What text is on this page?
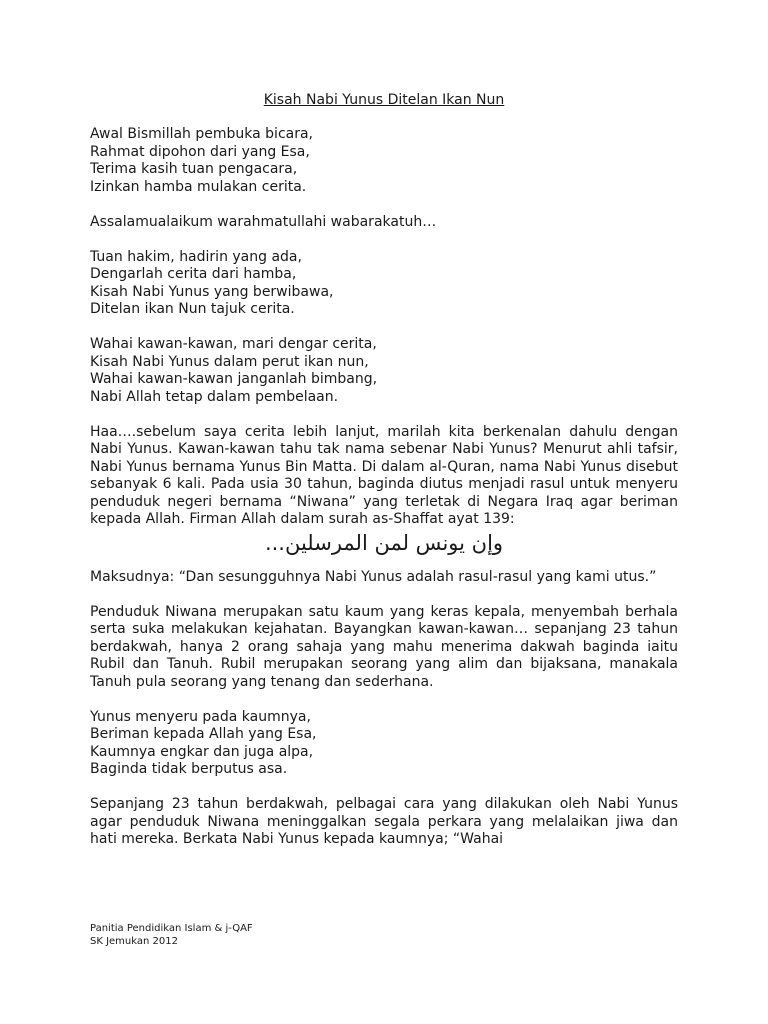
Kisah Nabi Yunus Ditelan Ikan Nun
Awal Bismillah pembuka bicara,
Rahmat dipohon dari yang Esa,
Terima kasih tuan pengacara,
Izinkan hamba mulakan cerita.
Assalamualaikum warahmatullahi wabarakatuh…
Tuan hakim, hadirin yang ada,
Dengarlah cerita dari hamba,
Kisah Nabi Yunus yang berwibawa,
Ditelan ikan Nun tajuk cerita.
Wahai kawan-kawan, mari dengar cerita,
Kisah Nabi Yunus dalam perut ikan nun,
Wahai kawan-kawan janganlah bimbang,
Nabi Allah tetap dalam pembelaan.

Haa….sebelum saya cerita lebih lanjut, marilah kita berkenalan dahulu dengan Nabi Yunus. Kawan-kawan tahu tak nama sebenar Nabi Yunus? Menurut ahli tafsir, Nabi Yunus bernama Yunus Bin Matta. Di dalam al-Quran, nama Nabi Yunus disebut sebanyak 6 kali. Pada usia 30 tahun, baginda diutus menjadi rasul untuk menyeru penduduk negeri bernama “Niwana” yang terletak di Negara Iraq agar beriman kepada Allah. Firman Allah dalam surah as-Shaffat ayat 139:

وإن يونس لمن المرسلين...

Maksudnya: “Dan sesungguhnya Nabi Yunus adalah rasul-rasul yang kami utus.”

Penduduk Niwana merupakan satu kaum yang keras kepala, menyembah berhala serta suka melakukan kejahatan. Bayangkan kawan-kawan… sepanjang 23 tahun berdakwah, hanya 2 orang sahaja yang mahu menerima dakwah baginda iaitu Rubil dan Tanuh. Rubil merupakan seorang yang alim dan bijaksana, manakala Tanuh pula seorang yang tenang dan sederhana.

Yunus menyeru pada kaumnya,
Beriman kepada Allah yang Esa,
Kaumnya engkar dan juga alpa,
Baginda tidak berputus asa.

Sepanjang 23 tahun berdakwah, pelbagai cara yang dilakukan oleh Nabi Yunus agar penduduk Niwana meninggalkan segala perkara yang melalaikan jiwa dan hati mereka. Berkata Nabi Yunus kepada kaumnya; “Wahai

Panitia Pendidikan Islam & j-QAF
SK Jemukan 2012
